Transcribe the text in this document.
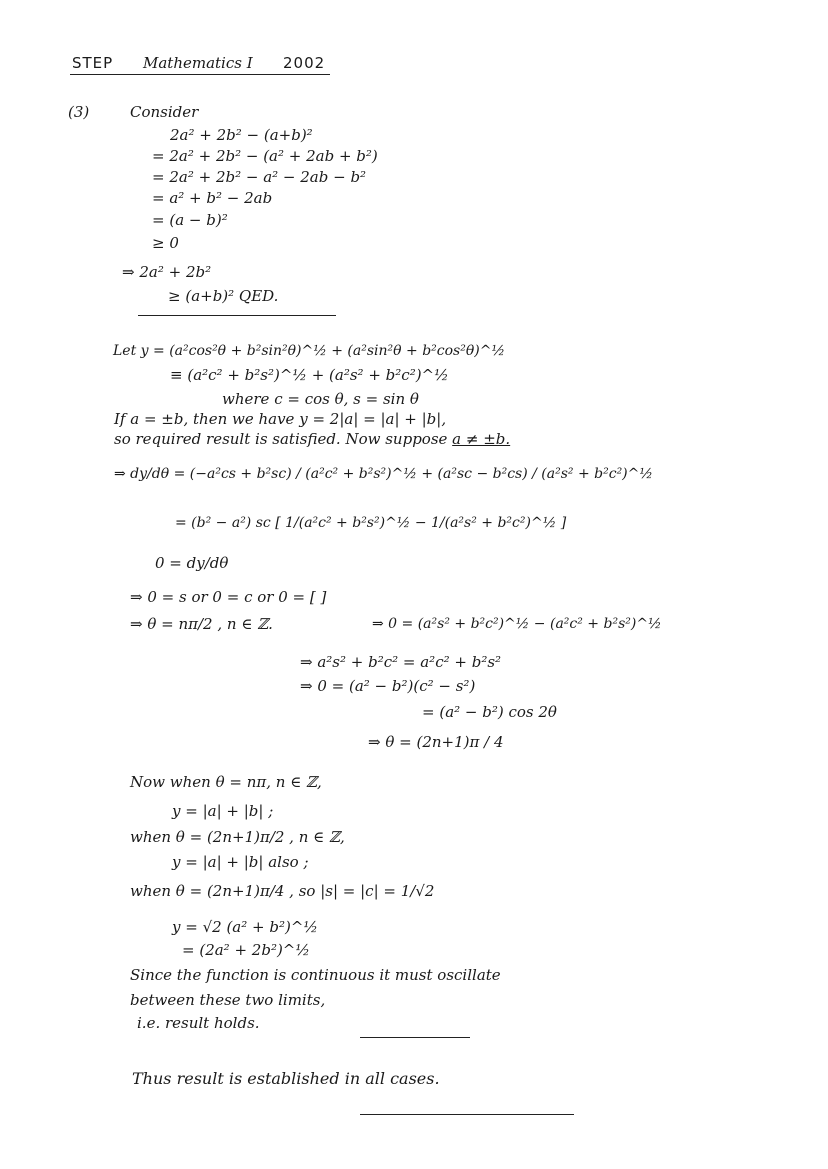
STEP Mathematics I 2002
(3)	Consider
2a² + 2b² − (a+b)²
= 2a² + 2b² − (a² + 2ab + b²)
= 2a² + 2b² − a² − 2ab − b²
= a² + b² − 2ab
= (a − b)²
≥ 0
⇒ 2a² + 2b²
≥ (a+b)² QED.
Let y = (a²cos²θ + b²sin²θ)^½ + (a²sin²θ + b²cos²θ)^½
≡ (a²c² + b²s²)^½ + (a²s² + b²c²)^½
where c = cos θ, s = sin θ
If a = ±b, then we have y = 2|a| = |a| + |b|,
so required result is satisfied. Now suppose a ≠ ±b.
⇒ dy/dθ = (−a²cs + b²sc) / (a²c² + b²s²)^½ + (a²sc − b²cs) / (a²s² + b²c²)^½
= (b² − a²) sc [ 1/(a²c² + b²s²)^½ − 1/(a²s² + b²c²)^½ ]
0 = dy/dθ
⇒ 0 = s or 0 = c or 0 = [ ]
⇒ θ = nπ/2 , n ∈ ℤ.	⇒ 0 = (a²s² + b²c²)^½ − (a²c² + b²s²)^½
⇒ a²s² + b²c² = a²c² + b²s²
⇒ 0 = (a² − b²)(c² − s²)
= (a² − b²) cos 2θ
⇒ θ = (2n+1)π / 4
Now when θ = nπ, n ∈ ℤ,
y = |a| + |b| ;
when θ = (2n+1)π/2 , n ∈ ℤ,
y = |a| + |b| also ;
when θ = (2n+1)π/4 , so |s| = |c| = 1/√2
y = √2 (a² + b²)^½
= (2a² + 2b²)^½
Since the function is continuous it must oscillate
between these two limits,
i.e. result holds.
Thus result is established in all cases.
